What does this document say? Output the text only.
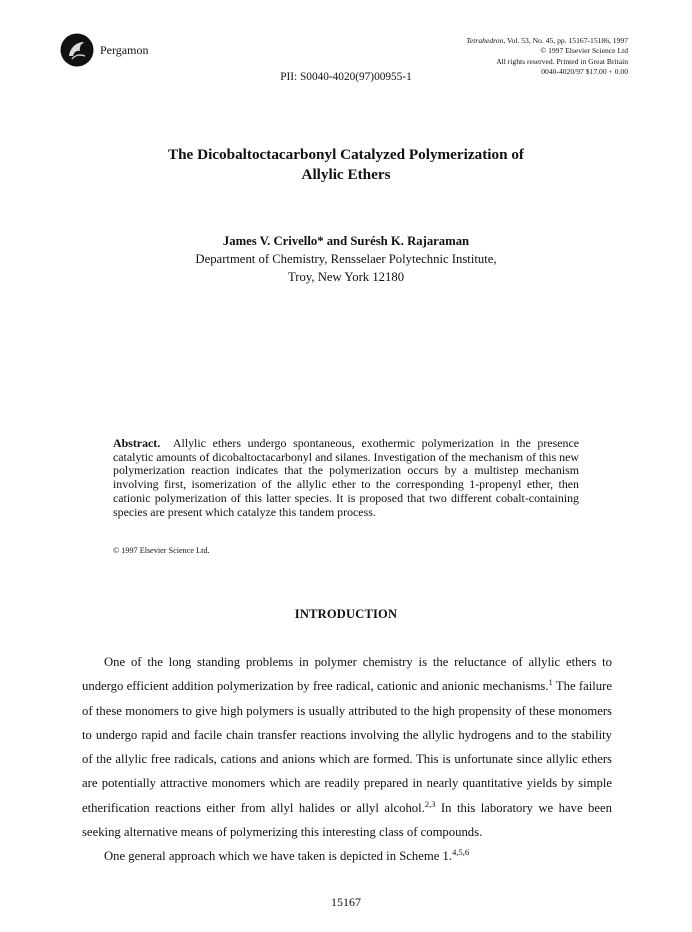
Pergamon
Tetrahedron, Vol. 53, No. 45, pp. 15167-15186, 1997
© 1997 Elsevier Science Ltd
All rights reserved. Printed in Great Britain
0040-4020/97 $17.00 + 0.00
PII: S0040-4020(97)00955-1
The Dicobaltoctacarbonyl Catalyzed Polymerization of
Allylic Ethers
James V. Crivello* and Surésh K. Rajaraman
Department of Chemistry, Rensselaer Polytechnic Institute,
Troy, New York 12180
Abstract. Allylic ethers undergo spontaneous, exothermic polymerization in the presence catalytic amounts of dicobaltoctacarbonyl and silanes. Investigation of the mechanism of this new polymerization reaction indicates that the polymerization occurs by a multistep mechanism involving first, isomerization of the allylic ether to the corresponding 1-propenyl ether, then cationic polymerization of this latter species. It is proposed that two different cobalt-containing species are present which catalyze this tandem process.
© 1997 Elsevier Science Ltd.
INTRODUCTION

One of the long standing problems in polymer chemistry is the reluctance of allylic ethers to undergo efficient addition polymerization by free radical, cationic and anionic mechanisms.$^1$ The failure of these monomers to give high polymers is usually attributed to the high propensity of these monomers to undergo rapid and facile chain transfer reactions involving the allylic hydrogens and to the stability of the allylic free radicals, cations and anions which are formed. This is unfortunate since allylic ethers are potentially attractive monomers which are readily prepared in nearly quantitative yields by simple etherification reactions either from allyl halides or allyl alcohol.$^{2,3}$ In this laboratory we have been seeking alternative means of polymerizing this interesting class of compounds.

One general approach which we have taken is depicted in Scheme 1.$^{4,5,6}$

15167
